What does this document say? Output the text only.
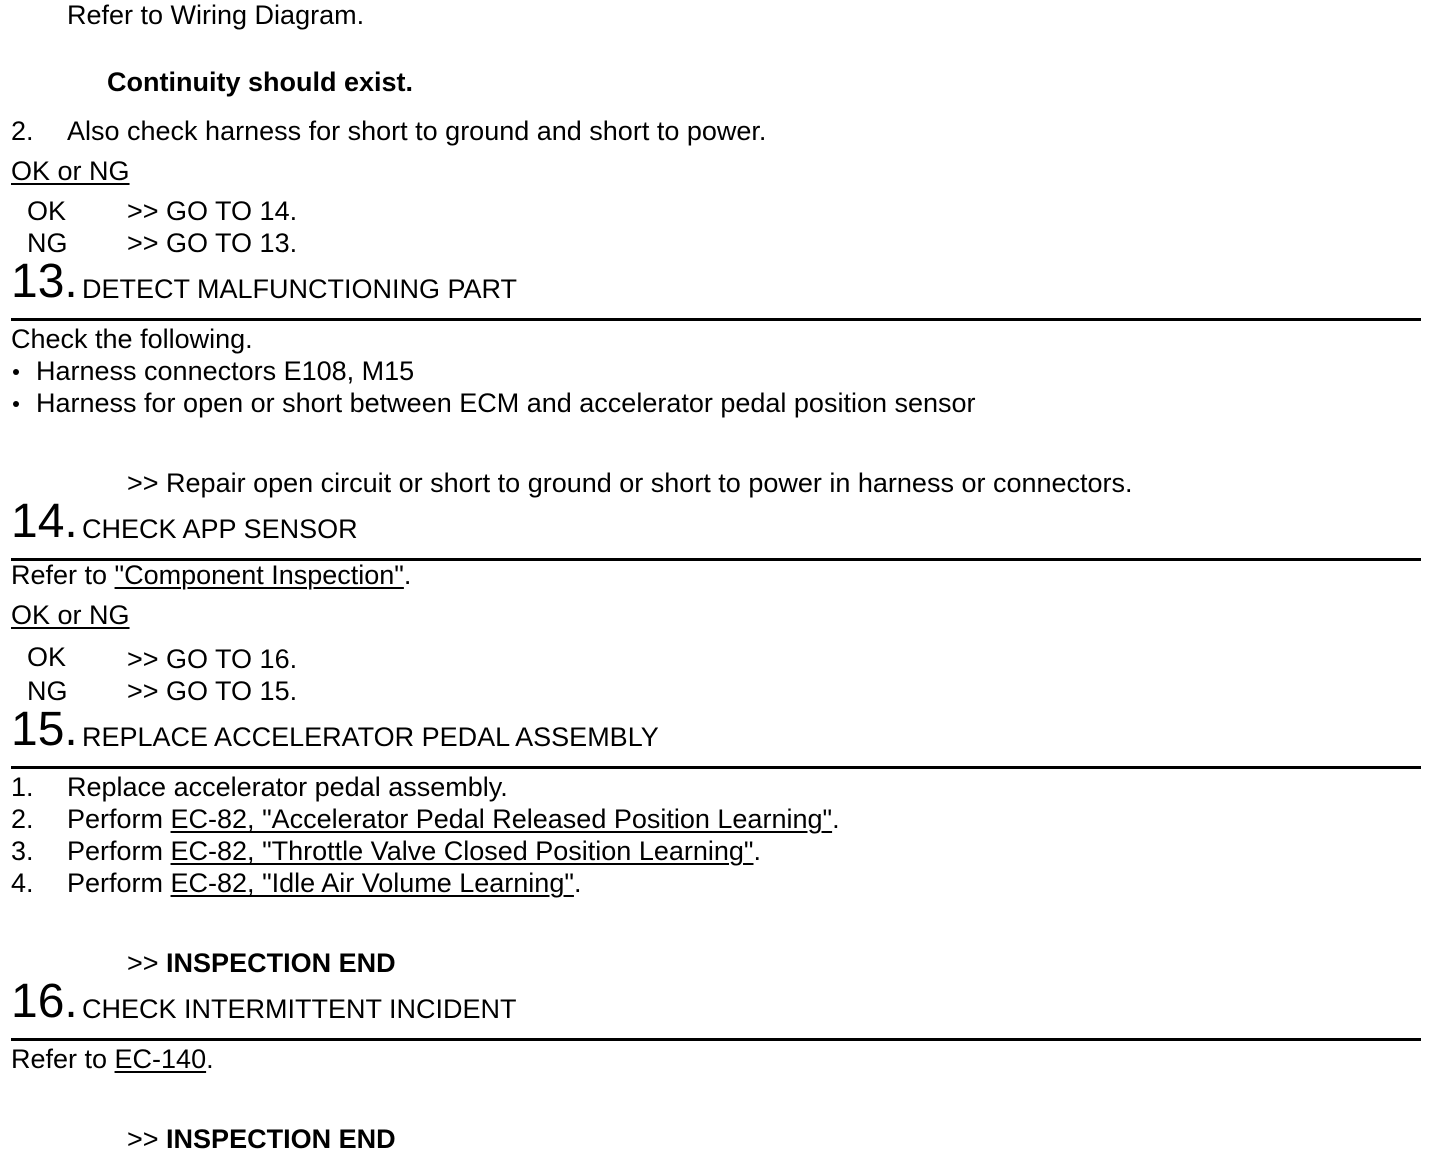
Refer to Wiring Diagram.
Continuity should exist.
2. Also check harness for short to ground and short to power.
OK or NG
OK >> GO TO 14.
NG >> GO TO 13.
13. DETECT MALFUNCTIONING PART
Check the following.
Harness connectors E108, M15
Harness for open or short between ECM and accelerator pedal position sensor
>> Repair open circuit or short to ground or short to power in harness or connectors.
14. CHECK APP SENSOR
Refer to "Component Inspection".
OK or NG
OK >> GO TO 16.
NG >> GO TO 15.
15. REPLACE ACCELERATOR PEDAL ASSEMBLY
1. Replace accelerator pedal assembly.
2. Perform EC-82, "Accelerator Pedal Released Position Learning".
3. Perform EC-82, "Throttle Valve Closed Position Learning".
4. Perform EC-82, "Idle Air Volume Learning".
>> INSPECTION END
16. CHECK INTERMITTENT INCIDENT
Refer to EC-140.
>> INSPECTION END
